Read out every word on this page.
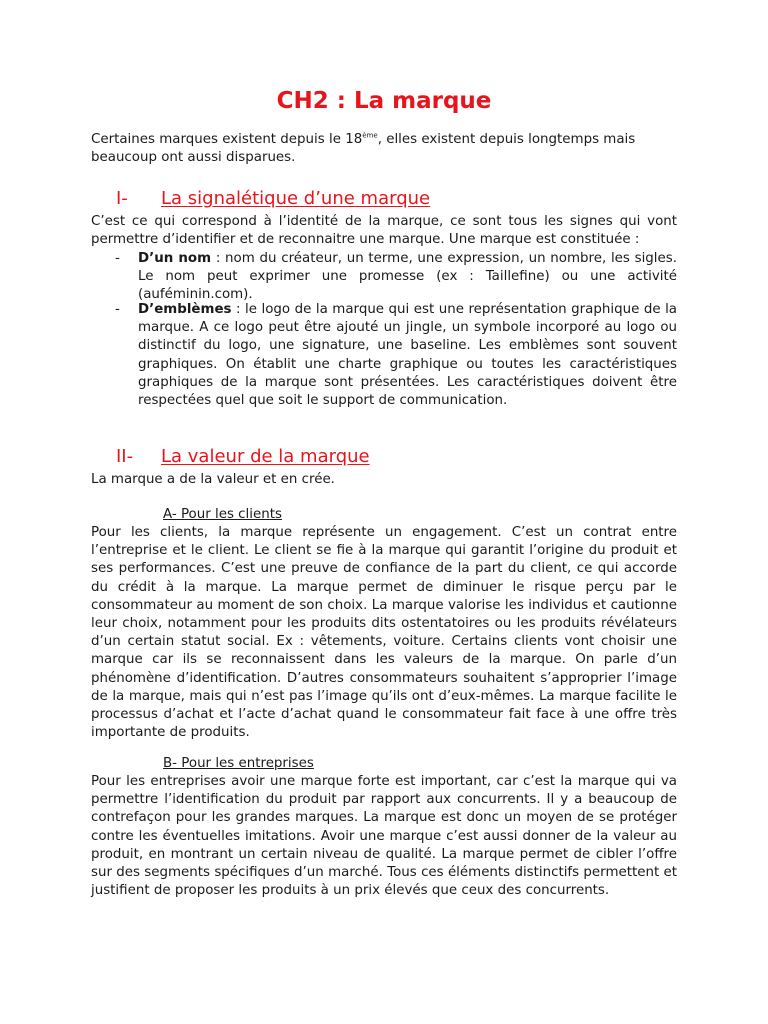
CH2 : La marque

Certaines marques existent depuis le 18ème, elles existent depuis longtemps mais beaucoup ont aussi disparues.

I- La signalétique d’une marque

C’est ce qui correspond à l’identité de la marque, ce sont tous les signes qui vont permettre d’identifier et de reconnaitre une marque. Une marque est constituée :

- D’un nom : nom du créateur, un terme, une expression, un nombre, les sigles. Le nom peut exprimer une promesse (ex : Taillefine) ou une activité (auféminin.com).
- D’emblèmes : le logo de la marque qui est une représentation graphique de la marque. A ce logo peut être ajouté un jingle, un symbole incorporé au logo ou distinctif du logo, une signature, une baseline. Les emblèmes sont souvent graphiques. On établit une charte graphique ou toutes les caractéristiques graphiques de la marque sont présentées. Les caractéristiques doivent être respectées quel que soit le support de communication.
II- La valeur de la marque

La marque a de la valeur et en crée.

A- Pour les clients

Pour les clients, la marque représente un engagement. C’est un contrat entre l’entreprise et le client. Le client se fie à la marque qui garantit l’origine du produit et ses performances. C’est une preuve de confiance de la part du client, ce qui accorde du crédit à la marque. La marque permet de diminuer le risque perçu par le consommateur au moment de son choix. La marque valorise les individus et cautionne leur choix, notamment pour les produits dits ostentatoires ou les produits révélateurs d’un certain statut social. Ex : vêtements, voiture. Certains clients vont choisir une marque car ils se reconnaissent dans les valeurs de la marque. On parle d’un phénomène d’identification. D’autres consommateurs souhaitent s’approprier l’image de la marque, mais qui n’est pas l’image qu’ils ont d’eux-mêmes. La marque facilite le processus d’achat et l’acte d’achat quand le consommateur fait face à une offre très importante de produits.

B- Pour les entreprises

Pour les entreprises avoir une marque forte est important, car c’est la marque qui va permettre l’identification du produit par rapport aux concurrents. Il y a beaucoup de contrefaçon pour les grandes marques. La marque est donc un moyen de se protéger contre les éventuelles imitations. Avoir une marque c’est aussi donner de la valeur au produit, en montrant un certain niveau de qualité. La marque permet de cibler l’offre sur des segments spécifiques d’un marché. Tous ces éléments distinctifs permettent et justifient de proposer les produits à un prix élevés que ceux des concurrents.
